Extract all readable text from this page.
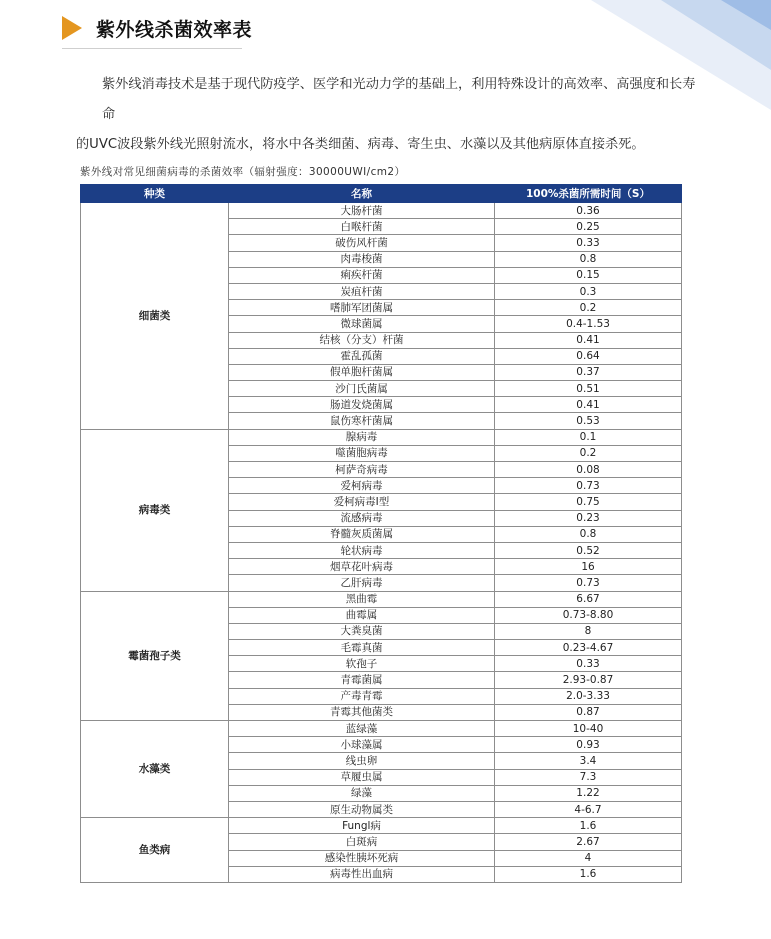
紫外线杀菌效率表
紫外线消毒技术是基于现代防疫学、医学和光动力学的基础上，利用特殊设计的高效率、高强度和长寿命
的UVC波段紫外线光照射流水，将水中各类细菌、病毒、寄生虫、水藻以及其他病原体直接杀死。
紫外线对常见细菌病毒的杀菌效率（辐射强度：30000UWI/cm2）
种类	名称	100%杀菌所需时间（S）
细菌类	大肠杆菌	0.36
	白喉杆菌	0.25
	破伤风杆菌	0.33
	肉毒梭菌	0.8
	痢疾杆菌	0.15
	炭疽杆菌	0.3
	嗜肺军团菌属	0.2
	微球菌属	0.4-1.53
	结核（分支）杆菌	0.41
	霍乱孤菌	0.64
	假单胞杆菌属	0.37
	沙门氏菌属	0.51
	肠道发烧菌属	0.41
	鼠伤寒杆菌属	0.53
病毒类	腺病毒	0.1
	噬菌胞病毒	0.2
	柯萨奇病毒	0.08
	爱柯病毒	0.73
	爱柯病毒I型	0.75
	流感病毒	0.23
	脊髓灰质菌属	0.8
	轮状病毒	0.52
	烟草花叶病毒	16
	乙肝病毒	0.73
霉菌孢子类	黑曲霉	6.67
	曲霉属	0.73-8.80
	大粪臭菌	8
	毛霉真菌	0.23-4.67
	软孢子	0.33
	青霉菌属	2.93-0.87
	产毒青霉	2.0-3.33
	青霉其他菌类	0.87
水藻类	蓝绿藻	10-40
	小球藻属	0.93
	线虫卵	3.4
	草履虫属	7.3
	绿藻	1.22
	原生动物属类	4-6.7
鱼类病	Fungl病	1.6
	白斑病	2.67
	感染性胰坏死病	4
	病毒性出血病	1.6
